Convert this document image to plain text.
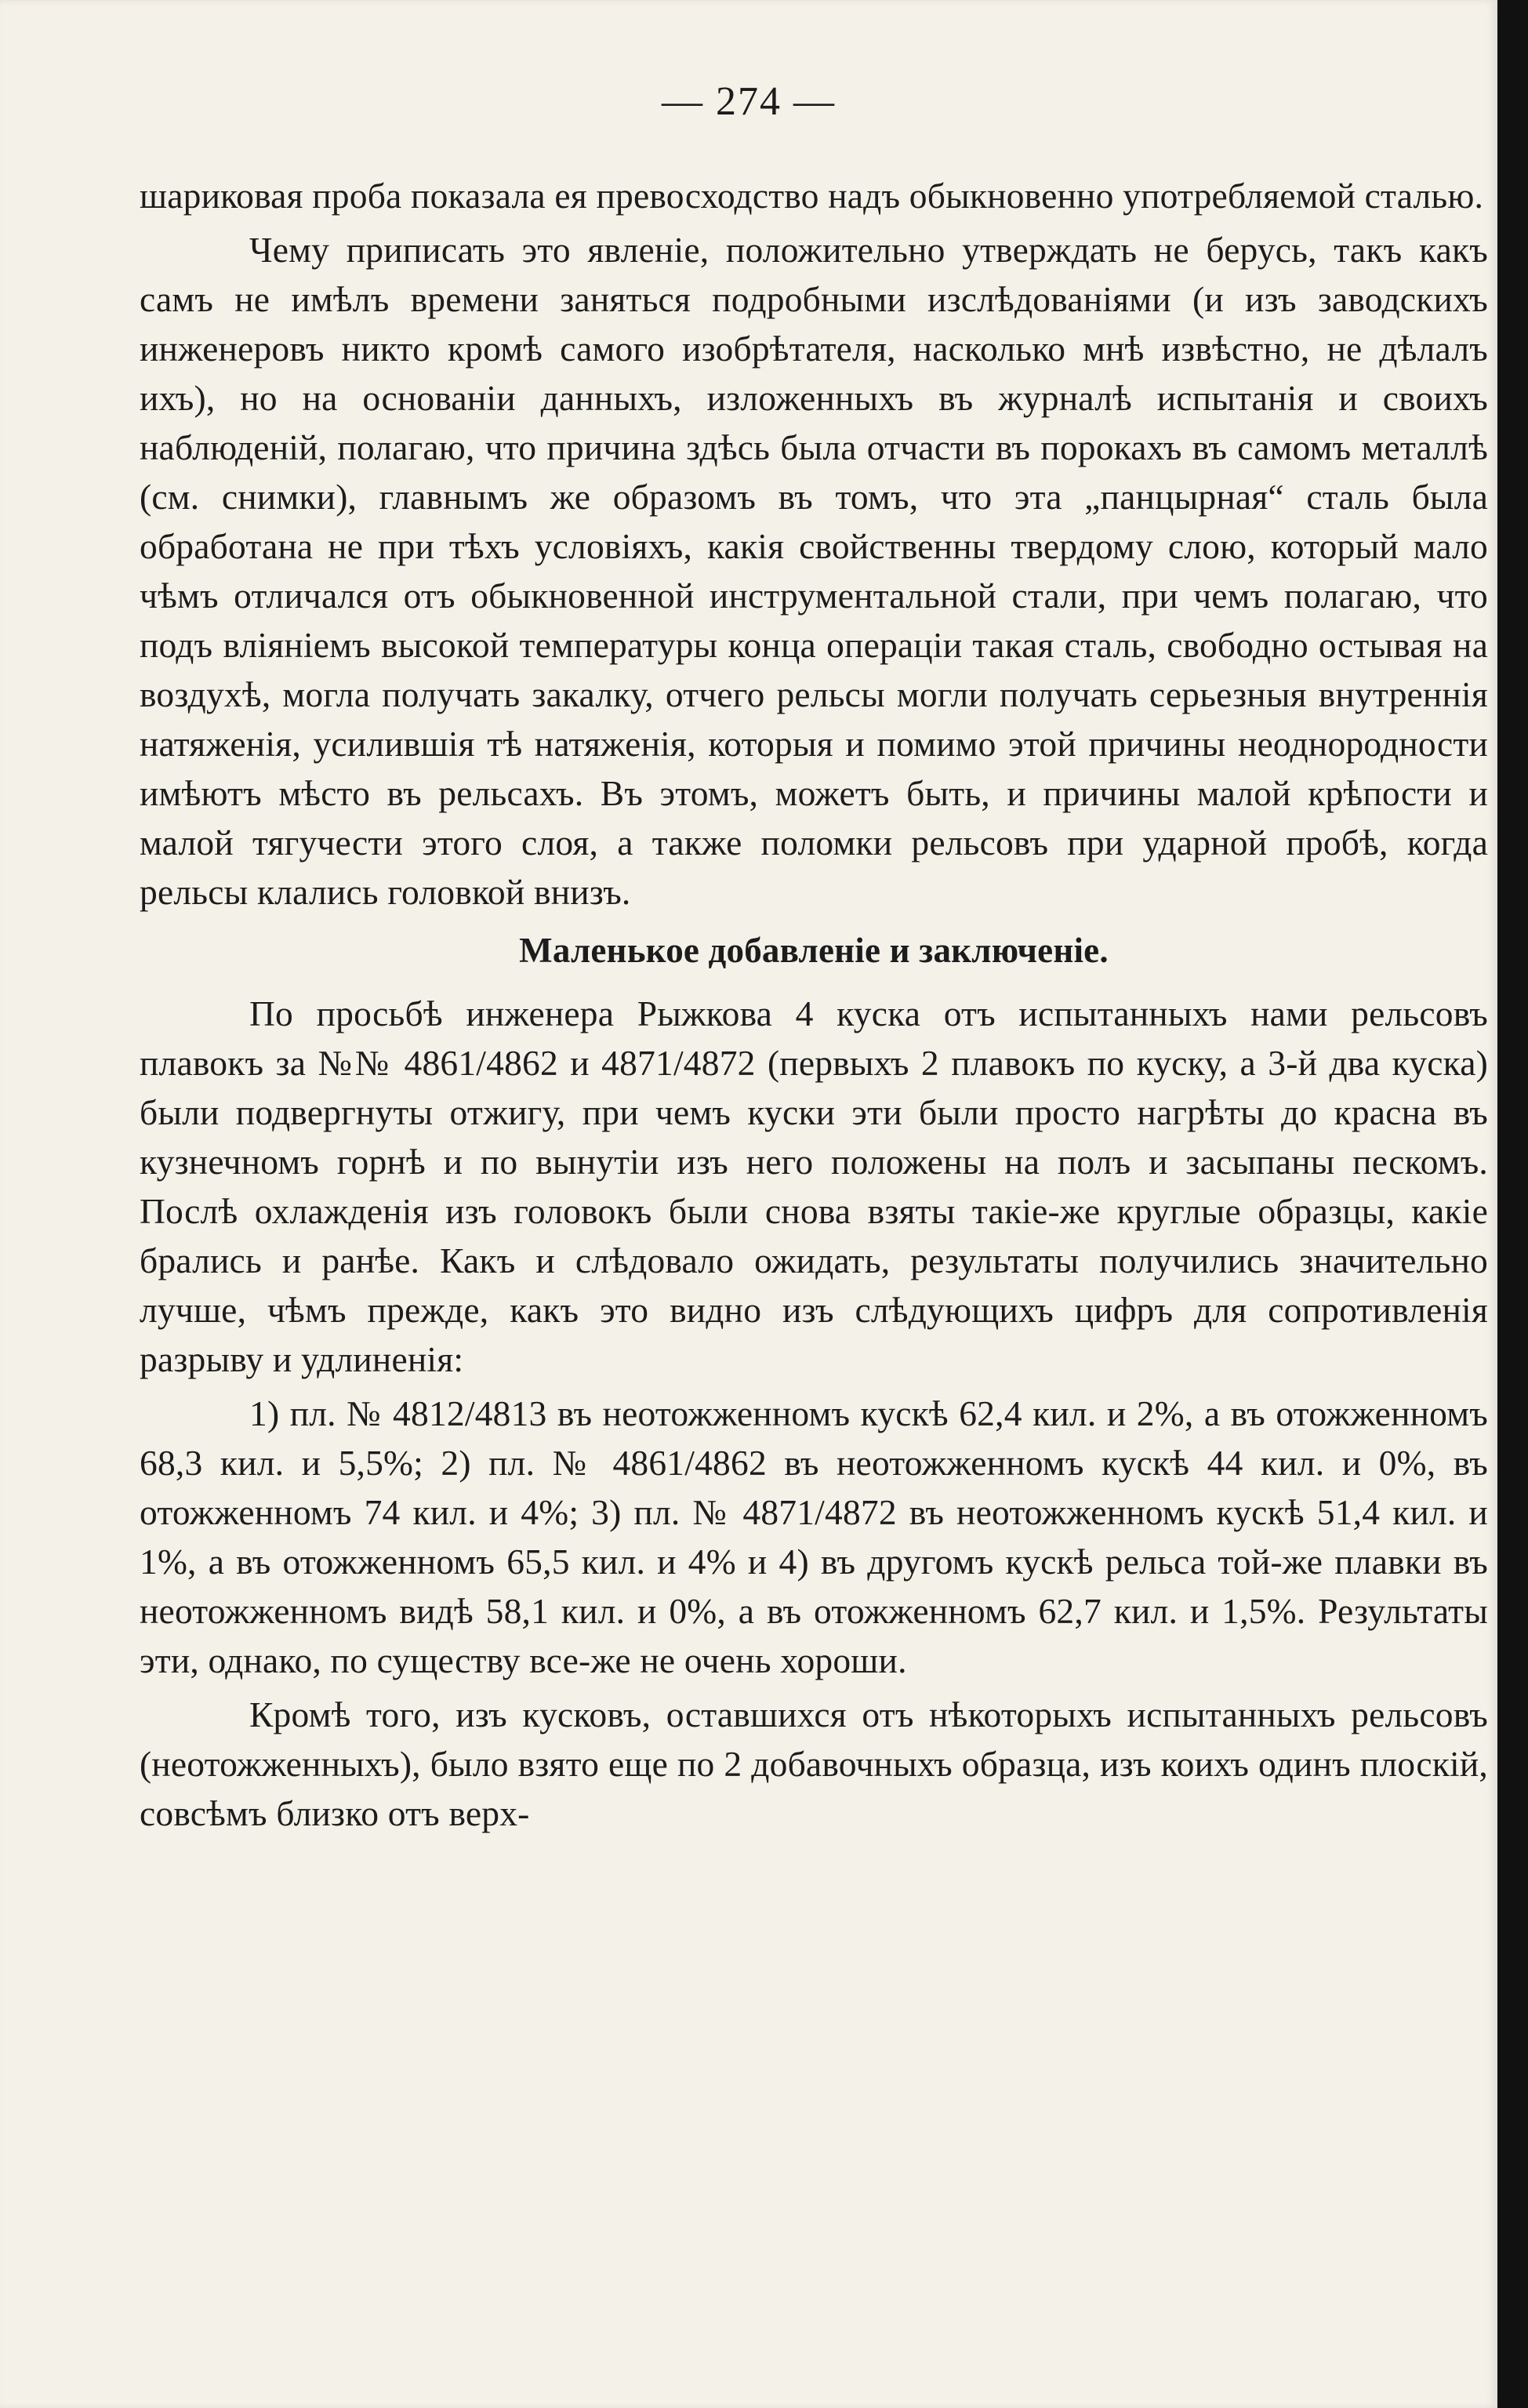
— 274 —

шариковая проба показала ея превосходство надъ обыкновенно употребляемой сталью.

Чему приписать это явленіе, положительно утверждать не берусь, такъ какъ самъ не имѣлъ времени заняться подробными изслѣдованіями (и изъ заводскихъ инженеровъ никто кромѣ самого изобрѣтателя, насколько мнѣ извѣстно, не дѣлалъ ихъ), но на основаніи данныхъ, изложенныхъ въ журналѣ испытанія и своихъ наблюденій, полагаю, что причина здѣсь была отчасти въ порокахъ въ самомъ металлѣ (см. снимки), главнымъ же образомъ въ томъ, что эта „панцырная“ сталь была обработана не при тѣхъ условіяхъ, какія свойственны твердому слою, который мало чѣмъ отличался отъ обыкновенной инструментальной стали, при чемъ полагаю, что подъ вліяніемъ высокой температуры конца операціи такая сталь, свободно остывая на воздухѣ, могла получать закалку, отчего рельсы могли получать серьезныя внутреннія натяженія, усилившія тѣ натяженія, которыя и помимо этой причины неоднородности имѣютъ мѣсто въ рельсахъ. Въ этомъ, можетъ быть, и причины малой крѣпости и малой тягучести этого слоя, а также поломки рельсовъ при ударной пробѣ, когда рельсы клались головкой внизъ.

Маленькое добавленіе и заключеніе.

По просьбѣ инженера Рыжкова 4 куска отъ испытанныхъ нами рельсовъ плавокъ за №№ 4861/4862 и 4871/4872 (первыхъ 2 плавокъ по куску, а 3-й два куска) были подвергнуты отжигу, при чемъ куски эти были просто нагрѣты до красна въ кузнечномъ горнѣ и по вынутіи изъ него положены на полъ и засыпаны пескомъ. Послѣ охлажденія изъ головокъ были снова взяты такіе-же круглые образцы, какіе брались и ранѣе. Какъ и слѣдовало ожидать, результаты получились значительно лучше, чѣмъ прежде, какъ это видно изъ слѣдующихъ цифръ для сопротивленія разрыву и удлиненія:

1) пл. № 4812/4813 въ неотожженномъ кускѣ 62,4 кил. и 2%, а въ отожженномъ 68,3 кил. и 5,5%; 2) пл. № 4861/4862 въ неотожженномъ кускѣ 44 кил. и 0%, въ отожженномъ 74 кил. и 4%; 3) пл. № 4871/4872 въ неотожженномъ кускѣ 51,4 кил. и 1%, а въ отожженномъ 65,5 кил. и 4% и 4) въ другомъ кускѣ рельса той-же плавки въ неотожженномъ видѣ 58,1 кил. и 0%, а въ отожженномъ 62,7 кил. и 1,5%. Результаты эти, однако, по существу все-же не очень хороши.

Кромѣ того, изъ кусковъ, оставшихся отъ нѣкоторыхъ испытанныхъ рельсовъ (неотожженныхъ), было взято еще по 2 добавочныхъ образца, изъ коихъ одинъ плоскій, совсѣмъ близко отъ верх-
